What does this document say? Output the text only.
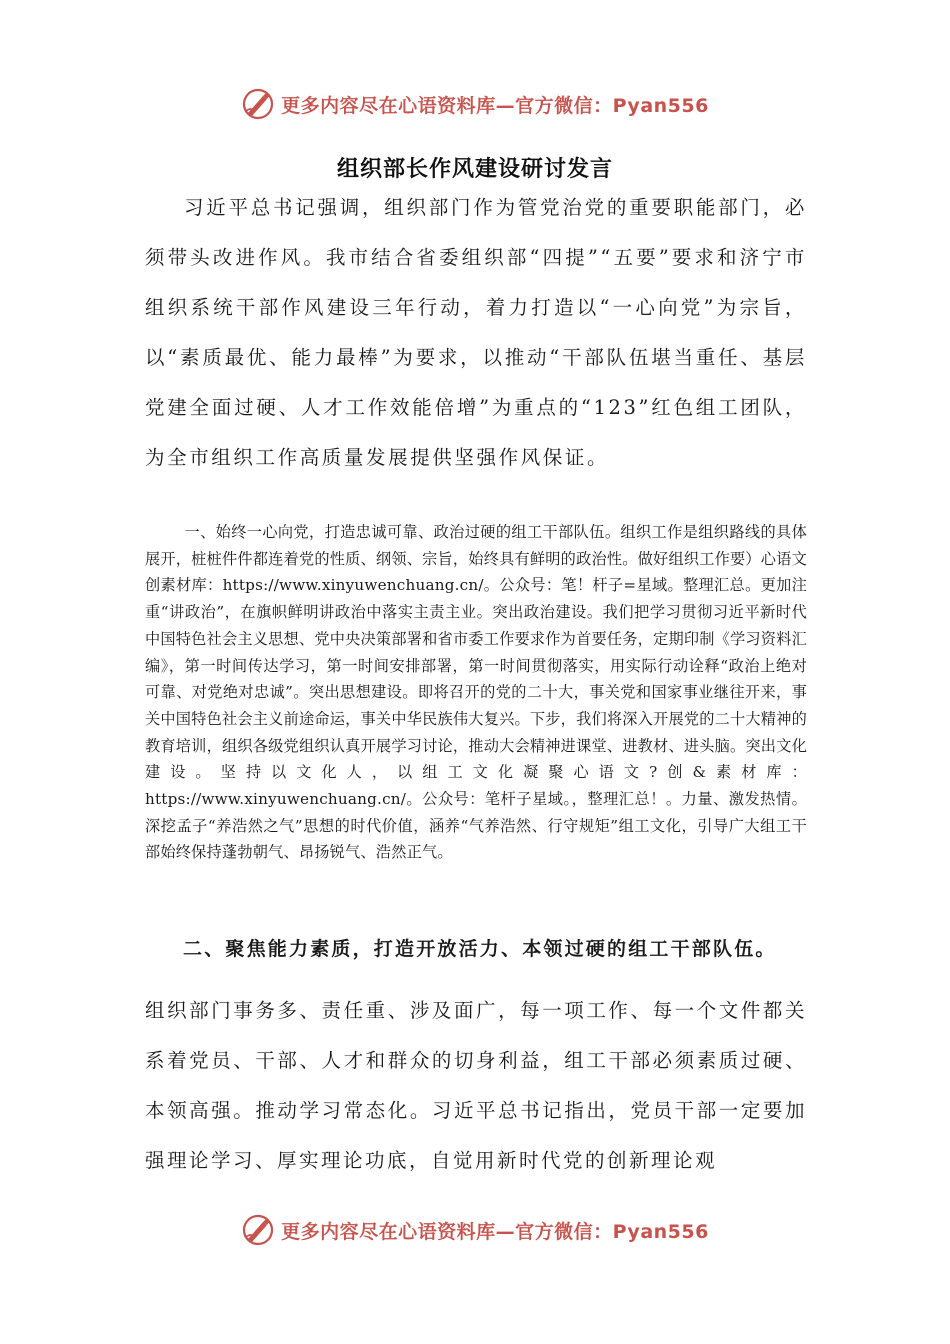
更多内容尽在心语资料库—官方微信：Pyan556
组织部长作风建设研讨发言

习近平总书记强调，组织部门作为管党治党的重要职能部门，必须带头改进作风。我市结合省委组织部“四提”“五要”要求和济宁市组织系统干部作风建设三年行动，着力打造以“一心向党”为宗旨，以“素质最优、能力最棒”为要求，以推动“干部队伍堪当重任、基层党建全面过硬、人才工作效能倍增”为重点的“123”红色组工团队，为全市组织工作高质量发展提供坚强作风保证。

一、始终一心向党，打造忠诚可靠、政治过硬的组工干部队伍。组织工作是组织路线的具体展开，桩桩件件都连着党的性质、纲领、宗旨，始终具有鲜明的政治性。做好组织工作要）心语文创素材库：https://www.xinyuwenchuang.cn/。公众号：笔！杆子=星域。整理汇总。更加注重“讲政治”，在旗帜鲜明讲政治中落实主责主业。突出政治建设。我们把学习贯彻习近平新时代中国特色社会主义思想、党中央决策部署和省市委工作要求作为首要任务，定期印制《学习资料汇编》，第一时间传达学习，第一时间安排部署，第一时间贯彻落实，用实际行动诠释“政治上绝对可靠、对党绝对忠诚”。突出思想建设。即将召开的党的二十大，事关党和国家事业继往开来，事关中国特色社会主义前途命运，事关中华民族伟大复兴。下步，我们将深入开展党的二十大精神的教育培训，组织各级党组织认真开展学习讨论，推动大会精神进课堂、进教材、进头脑。突出文化建设。坚持以文化人，以组工文化凝聚心语文?创&素材库：https://www.xinyuwenchuang.cn/。公众号：笔杆子星域。，整理汇总！。力量、激发热情。深挖孟子“养浩然之气”思想的时代价值，涵养“气养浩然、行守规矩”组工文化，引导广大组工干部始终保持蓬勃朝气、昂扬锐气、浩然正气。

二、聚焦能力素质，打造开放活力、本领过硬的组工干部队伍。

组织部门事务多、责任重、涉及面广，每一项工作、每一个文件都关系着党员、干部、人才和群众的切身利益，组工干部必须素质过硬、本领高强。推动学习常态化。习近平总书记指出，党员干部一定要加强理论学习、厚实理论功底，自觉用新时代党的创新理论观

更多内容尽在心语资料库—官方微信：Pyan556
